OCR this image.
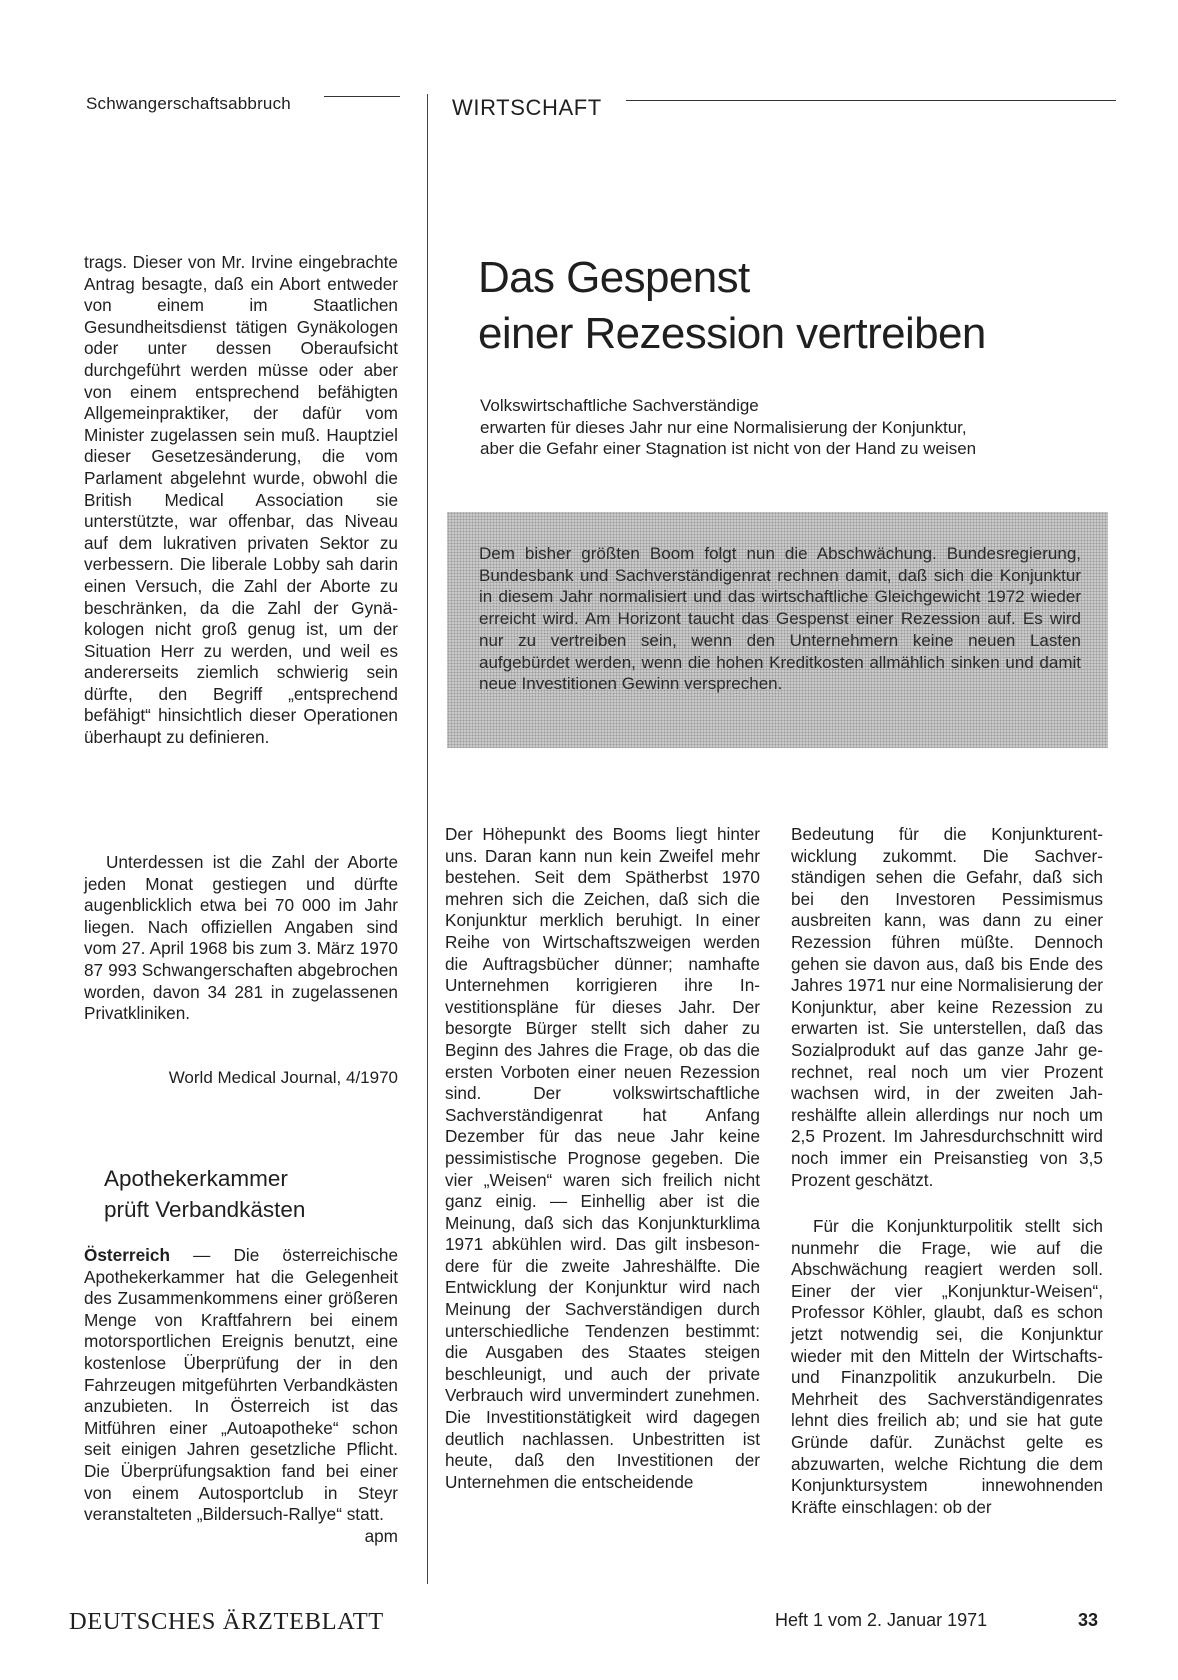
Schwangerschaftsabbruch	WIRTSCHAFT

trags. Dieser von Mr. Irvine eingebrachte Antrag besagte, daß ein Abort entweder von einem im Staatlichen Gesundheitsdienst tätigen Gynäkologen oder unter dessen Oberaufsicht durchgeführt werden müsse oder aber von einem entsprechend befähigten Allgemeinpraktiker, der dafür vom Minister zugelassen sein muß. Hauptziel dieser Gesetzesänderung, die vom Parlament abgelehnt wurde, obwohl die British Medical Association sie unterstützte, war offenbar, das Niveau auf dem lukrativen privaten Sektor zu verbessern. Die liberale Lobby sah darin einen Versuch, die Zahl der Aborte zu beschränken, da die Zahl der Gynäkologen nicht groß genug ist, um der Situation Herr zu werden, und weil es andererseits ziemlich schwierig sein dürfte, den Begriff „entsprechend befähigt“ hinsichtlich dieser Operationen überhaupt zu definieren.

Unterdessen ist die Zahl der Aborte jeden Monat gestiegen und dürfte augenblicklich etwa bei 70 000 im Jahr liegen. Nach offiziellen Angaben sind vom 27. April 1968 bis zum 3. März 1970 87 993 Schwangerschaften abgebrochen worden, davon 34 281 in zugelassenen Privatkliniken.

World Medical Journal, 4/1970
Apothekerkammer
prüft Verbandkästen

Österreich — Die österreichische Apothekerkammer hat die Gelegenheit des Zusammenkommens einer größeren Menge von Kraftfahrern bei einem motorsportlichen Ereignis benutzt, eine kostenlose Überprüfung der in den Fahrzeugen mitgeführten Verbandkästen anzubieten. In Österreich ist das Mitführen einer „Autoapotheke“ schon seit einigen Jahren gesetzliche Pflicht. Die Überprüfungsaktion fand bei einer von einem Autosportclub in Steyr veranstalteten „Bildersuch-Rallye“ statt.
apm

Das Gespenst
einer Rezession vertreiben
Volkswirtschaftliche Sachverständige
erwarten für dieses Jahr nur eine Normalisierung der Konjunktur,
aber die Gefahr einer Stagnation ist nicht von der Hand zu weisen
Dem bisher größten Boom folgt nun die Abschwächung. Bundesregierung, Bundesbank und Sachverständigenrat rechnen damit, daß sich die Konjunktur in diesem Jahr normalisiert und das wirtschaftliche Gleichgewicht 1972 wieder erreicht wird. Am Horizont taucht das Gespenst einer Rezession auf. Es wird nur zu vertreiben sein, wenn den Unternehmern keine neuen Lasten aufgebürdet werden, wenn die hohen Kreditkosten allmählich sinken und damit neue Investitionen Gewinn versprechen.

Der Höhepunkt des Booms liegt hinter uns. Daran kann nun kein Zweifel mehr bestehen. Seit dem Spätherbst 1970 mehren sich die Zeichen, daß sich die Konjunktur merklich beruhigt. In einer Reihe von Wirtschaftszweigen werden die Auftragsbücher dünner; namhafte Unternehmen korrigieren ihre Investitionspläne für dieses Jahr. Der besorgte Bürger stellt sich daher zu Beginn des Jahres die Frage, ob das die ersten Vorboten einer neuen Rezession sind. Der volkswirtschaftliche Sachverständigenrat hat Anfang Dezember für das neue Jahr keine pessimistische Prognose gegeben. Die vier „Weisen“ waren sich freilich nicht ganz einig. — Einhellig aber ist die Meinung, daß sich das Konjunkturklima 1971 abkühlen wird. Das gilt insbesondere für die zweite Jahreshälfte. Die Entwicklung der Konjunktur wird nach Meinung der Sachverständigen durch unterschiedliche Tendenzen bestimmt: die Ausgaben des Staates steigen beschleunigt, und auch der private Verbrauch wird unvermindert zunehmen. Die Investitionstätigkeit wird dagegen deutlich nachlassen. Unbestritten ist heute, daß den Investitionen der Unternehmen die entscheidende

Bedeutung für die Konjunkturentwicklung zukommt. Die Sachverständigen sehen die Gefahr, daß sich bei den Investoren Pessimismus ausbreiten kann, was dann zu einer Rezession führen müßte. Dennoch gehen sie davon aus, daß bis Ende des Jahres 1971 nur eine Normalisierung der Konjunktur, aber keine Rezession zu erwarten ist. Sie unterstellen, daß das Sozialprodukt auf das ganze Jahr gerechnet, real noch um vier Prozent wachsen wird, in der zweiten Jahreshälfte allein allerdings nur noch um 2,5 Prozent. Im Jahresdurchschnitt wird noch immer ein Preisanstieg von 3,5 Prozent geschätzt.

Für die Konjunkturpolitik stellt sich nunmehr die Frage, wie auf die Abschwächung reagiert werden soll. Einer der vier „Konjunktur-Weisen“, Professor Köhler, glaubt, daß es schon jetzt notwendig sei, die Konjunktur wieder mit den Mitteln der Wirtschafts- und Finanzpolitik anzukurbeln. Die Mehrheit des Sachverständigenrates lehnt dies freilich ab; und sie hat gute Gründe dafür. Zunächst gelte es abzuwarten, welche Richtung die dem Konjunktursystem innewohnenden Kräfte einschlagen: ob der

DEUTSCHES ÄRZTEBLATT	Heft 1 vom 2. Januar 1971	33
